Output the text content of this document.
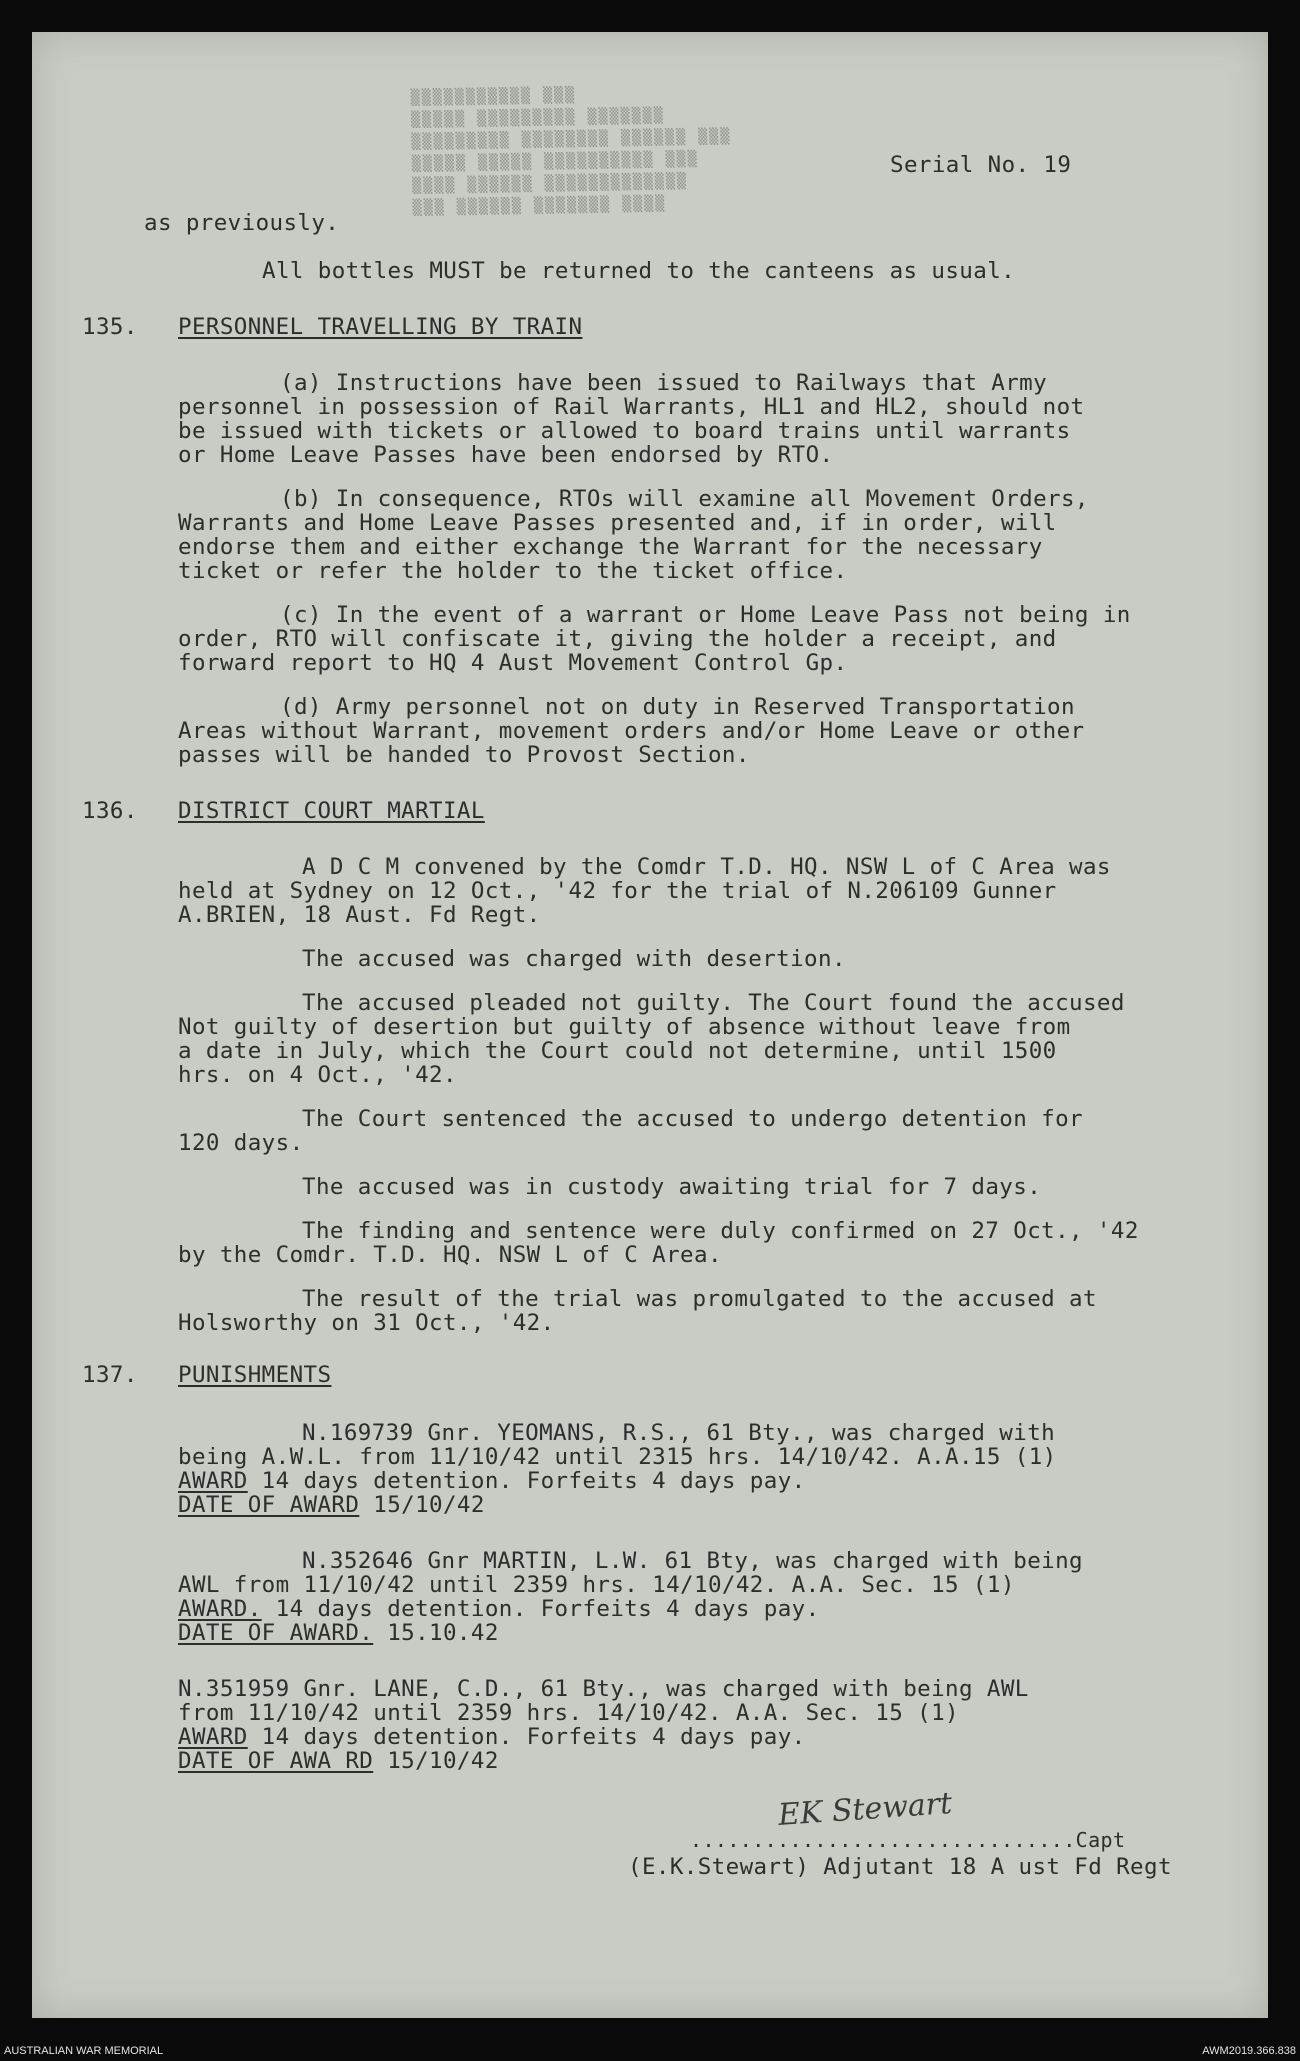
▒▒▒▒▒▒▒▒▒▒▒ ▒▒▒
▒▒▒▒▒ ▒▒▒▒▒▒▒▒▒ ▒▒▒▒▒▒▒
▒▒▒▒▒▒▒▒▒ ▒▒▒▒▒▒▒▒ ▒▒▒▒▒▒ ▒▒▒
▒▒▒▒▒ ▒▒▒▒▒ ▒▒▒▒▒▒▒▒▒▒ ▒▒▒
▒▒▒▒ ▒▒▒▒▒▒ ▒▒▒▒▒▒▒▒▒▒▒▒▒
▒▒▒ ▒▒▒▒▒▒ ▒▒▒▒▒▒▒ ▒▒▒▒
Serial No. 19
as previously.
All bottles MUST be returned to the canteens as usual.
135. PERSONNEL TRAVELLING BY TRAIN
(a) Instructions have been issued to Railways that Army
personnel in possession of Rail Warrants, HL1 and HL2, should not
be issued with tickets or allowed to board trains until warrants
or Home Leave Passes have been endorsed by RTO.
(b) In consequence, RTOs will examine all Movement Orders,
Warrants and Home Leave Passes presented and, if in order, will
endorse them and either exchange the Warrant for the necessary
ticket or refer the holder to the ticket office.
(c) In the event of a warrant or Home Leave Pass not being in
order, RTO will confiscate it, giving the holder a receipt, and
forward report to HQ 4 Aust Movement Control Gp.
(d) Army personnel not on duty in Reserved Transportation
Areas without Warrant, movement orders and/or Home Leave or other
passes will be handed to Provost Section.
136. DISTRICT COURT MARTIAL
A D C M convened by the Comdr T.D. HQ. NSW L of C Area was
held at Sydney on 12 Oct., '42 for the trial of N.206109 Gunner
A.BRIEN, 18 Aust. Fd Regt.
The accused was charged with desertion.
The accused pleaded not guilty. The Court found the accused
Not guilty of desertion but guilty of absence without leave from
a date in July, which the Court could not determine, until 1500
hrs. on 4 Oct., '42.
The Court sentenced the accused to undergo detention for
120 days.
The accused was in custody awaiting trial for 7 days.
The finding and sentence were duly confirmed on 27 Oct., '42
by the Comdr. T.D. HQ. NSW L of C Area.
The result of the trial was promulgated to the accused at
Holsworthy on 31 Oct., '42.
137. PUNISHMENTS
N.169739 Gnr. YEOMANS, R.S., 61 Bty., was charged with
being A.W.L. from 11/10/42 until 2315 hrs. 14/10/42. A.A.15 (1)
AWARD 14 days detention. Forfeits 4 days pay.
DATE OF AWARD 15/10/42
N.352646 Gnr MARTIN, L.W. 61 Bty, was charged with being
AWL from 11/10/42 until 2359 hrs. 14/10/42. A.A. Sec. 15 (1)
AWARD. 14 days detention. Forfeits 4 days pay.
DATE OF AWARD. 15.10.42
N.351959 Gnr. LANE, C.D., 61 Bty., was charged with being AWL
from 11/10/42 until 2359 hrs. 14/10/42. A.A. Sec. 15 (1)
AWARD 14 days detention. Forfeits 4 days pay.
DATE OF AWA RD 15/10/42
EK Stewart
...............................Capt
(E.K.Stewart) Adjutant 18 A ust Fd Regt
AUSTRALIAN WAR MEMORIAL	AWM2019.366.838
